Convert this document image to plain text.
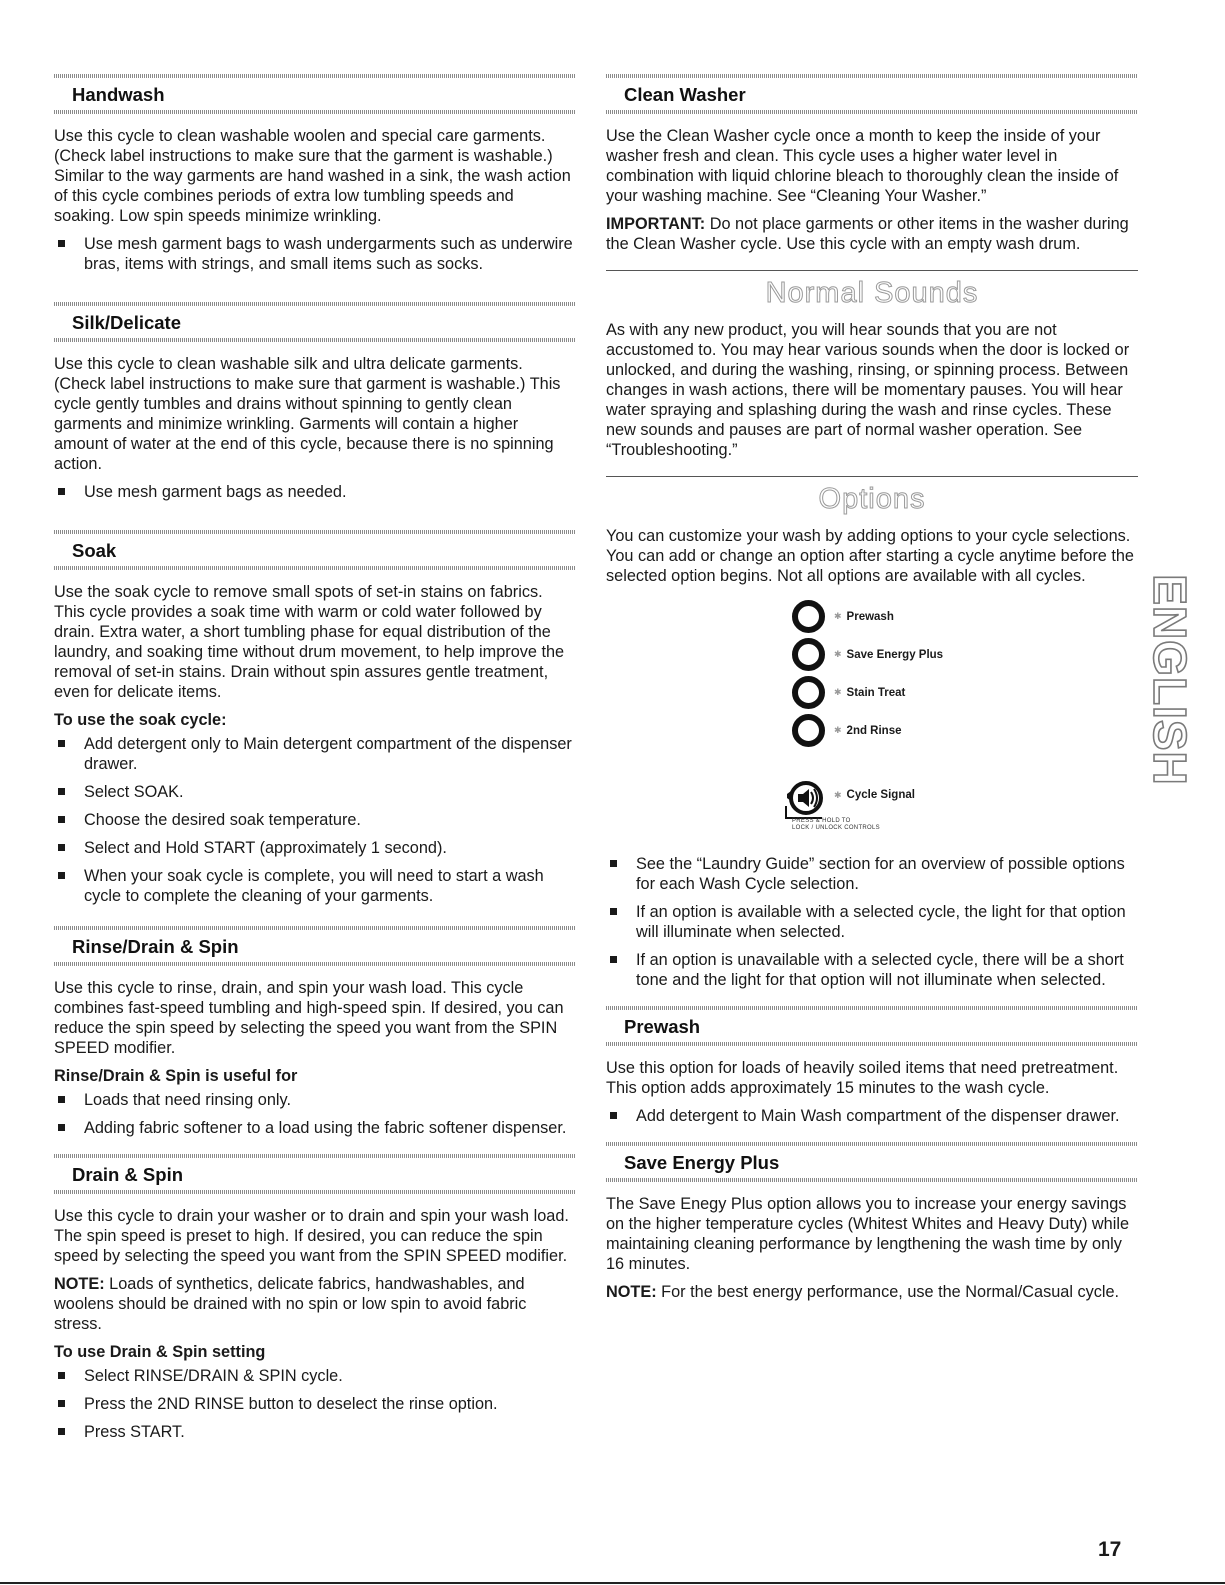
Handwash

Use this cycle to clean washable woolen and special care garments. (Check label instructions to make sure that the garment is washable.) Similar to the way garments are hand washed in a sink, the wash action of this cycle combines periods of extra low tumbling speeds and soaking. Low spin speeds minimize wrinkling.

Use mesh garment bags to wash undergarments such as underwire bras, items with strings, and small items such as socks.
Silk/Delicate

Use this cycle to clean washable silk and ultra delicate garments. (Check label instructions to make sure that garment is washable.) This cycle gently tumbles and drains without spinning to gently clean garments and minimize wrinkling. Garments will contain a higher amount of water at the end of this cycle, because there is no spinning action.

Use mesh garment bags as needed.
Soak

Use the soak cycle to remove small spots of set-in stains on fabrics. This cycle provides a soak time with warm or cold water followed by drain. Extra water, a short tumbling phase for equal distribution of the laundry, and soaking time without drum movement, to help improve the removal of set-in stains. Drain without spin assures gentle treatment, even for delicate items.

To use the soak cycle:
Add detergent only to Main detergent compartment of the dispenser drawer.
Select SOAK.
Choose the desired soak temperature.
Select and Hold START (approximately 1 second).
When your soak cycle is complete, you will need to start a wash cycle to complete the cleaning of your garments.
Rinse/Drain & Spin

Use this cycle to rinse, drain, and spin your wash load. This cycle combines fast-speed tumbling and high-speed spin. If desired, you can reduce the spin speed by selecting the speed you want from the SPIN SPEED modifier.

Rinse/Drain & Spin is useful for
Loads that need rinsing only.
Adding fabric softener to a load using the fabric softener dispenser.
Drain & Spin

Use this cycle to drain your washer or to drain and spin your wash load. The spin speed is preset to high. If desired, you can reduce the spin speed by selecting the speed you want from the SPIN SPEED modifier.

NOTE: Loads of synthetics, delicate fabrics, handwashables, and woolens should be drained with no spin or low spin to avoid fabric stress.

To use Drain & Spin setting
Select RINSE/DRAIN & SPIN cycle.
Press the 2ND RINSE button to deselect the rinse option.
Press START.
Clean Washer

Use the Clean Washer cycle once a month to keep the inside of your washer fresh and clean. This cycle uses a higher water level in combination with liquid chlorine bleach to thoroughly clean the inside of your washing machine. See “Cleaning Your Washer.”

IMPORTANT: Do not place garments or other items in the washer during the Clean Washer cycle. Use this cycle with an empty wash drum.

Normal Sounds

As with any new product, you will hear sounds that you are not accustomed to. You may hear various sounds when the door is locked or unlocked, and during the washing, rinsing, or spinning process. Between changes in wash actions, there will be momentary pauses. You will hear water spraying and splashing during the wash and rinse cycles. These new sounds and pauses are part of normal washer operation. See “Troubleshooting.”

Options

You can customize your wash by adding options to your cycle selections. You can add or change an option after starting a cycle anytime before the selected option begins. Not all options are available with all cycles.

✱ Prewash
✱ Save Energy Plus
✱ Stain Treat
✱ 2nd Rinse
✱ Cycle Signal
PRESS & HOLD TO
LOCK / UNLOCK CONTROLS
See the “Laundry Guide” section for an overview of possible options for each Wash Cycle selection.
If an option is available with a selected cycle, the light for that option will illuminate when selected.
If an option is unavailable with a selected cycle, there will be a short tone and the light for that option will not illuminate when selected.
Prewash

Use this option for loads of heavily soiled items that need pretreatment. This option adds approximately 15 minutes to the wash cycle.

Add detergent to Main Wash compartment of the dispenser drawer.
Save Energy Plus

The Save Enegy Plus option allows you to increase your energy savings on the higher temperature cycles (Whitest Whites and Heavy Duty) while maintaining cleaning performance by lengthening the wash time by only 16 minutes.

NOTE: For the best energy performance, use the Normal/Casual cycle.

ENGLISH
17
